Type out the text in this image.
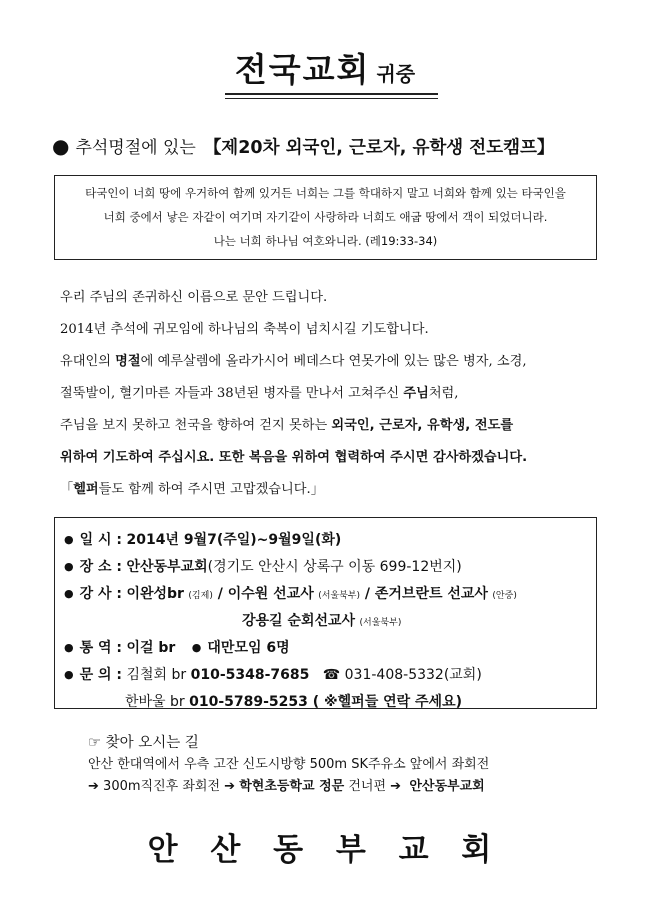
전국교회 귀중
● 추석명절에 있는 【제20차 외국인, 근로자, 유학생 전도캠프】
타국인이 너희 땅에 우거하여 함께 있거든 너희는 그를 학대하지 말고 너희와 함께 있는 타국인을
너희 중에서 낳은 자같이 여기며 자기같이 사랑하라 너희도 애굽 땅에서 객이 되었더니라.
나는 너희 하나님 여호와니라. (레19:33-34)
우리 주님의 존귀하신 이름으로 문안 드립니다.
2014년 추석에 귀모임에 하나님의 축복이 넘치시길 기도합니다.
유대인의 명절에 예루살렘에 올라가시어 베데스다 연못가에 있는 많은 병자, 소경,
절뚝발이, 혈기마른 자들과 38년된 병자를 만나서 고쳐주신 주님처럼,
주님을 보지 못하고 천국을 향하여 걷지 못하는 외국인, 근로자, 유학생, 전도를
위하여 기도하여 주십시요. 또한 복음을 위하여 협력하여 주시면 감사하겠습니다.
「헬퍼들도 함께 하여 주시면 고맙겠습니다.」
● 일 시 : 2014년 9월7(주일)~9월9일(화)
● 장 소 : 안산동부교회(경기도 안산시 상록구 이동 699-12번지)
● 강 사 : 이완성br (김제) / 이수원 선교사 (서울북부) / 존거브란트 선교사 (안중)
강용길 순회선교사 (서울북부)
● 통 역 : 이걸 br ● 대만모임 6명
● 문 의 : 김철회 br 010-5348-7685 ☎ 031-408-5332(교회)
한바울 br 010-5789-5253 ( ※헬퍼들 연락 주세요)
☞ 찾아 오시는 길
안산 한대역에서 우측 고잔 신도시방향 500m SK주유소 앞에서 좌회전
➔ 300m직진후 좌회전 ➔ 학현초등학교 정문 건너편 ➔ 안산동부교회
안 산 동 부 교 회
